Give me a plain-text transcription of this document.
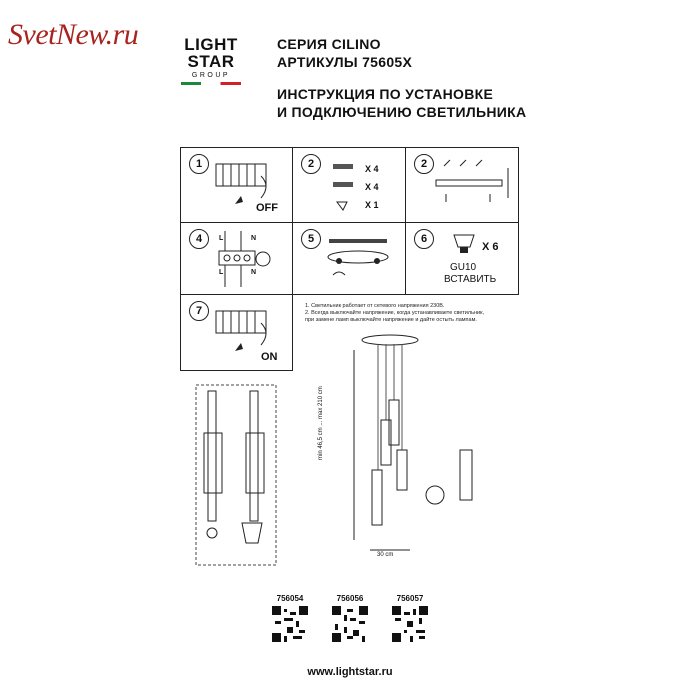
SvetNew.ru	LIGHT
STAR
GROUP
СЕРИЯ CILINO
АРТИКУЛЫ 75605X
ИНСТРУКЦИЯ ПО УСТАНОВКЕ
И ПОДКЛЮЧЕНИЮ СВЕТИЛЬНИКА
1
OFF
2	X 4
X 4
X 1
2
4	L	N
L	N
5	6
X 6
GU10
ВСТАВИТЬ
7
ON
1. Светильник работает от сетевого напряжения 230В.
2. Всегда выключайте напряжение, когда устанавливаете светильник,
при замене ламп выключайте напряжение и дайте остыть лампам.
min 46,5 cm ... max 210 cm
30 cm
756054	756056	756057
www.lightstar.ru
